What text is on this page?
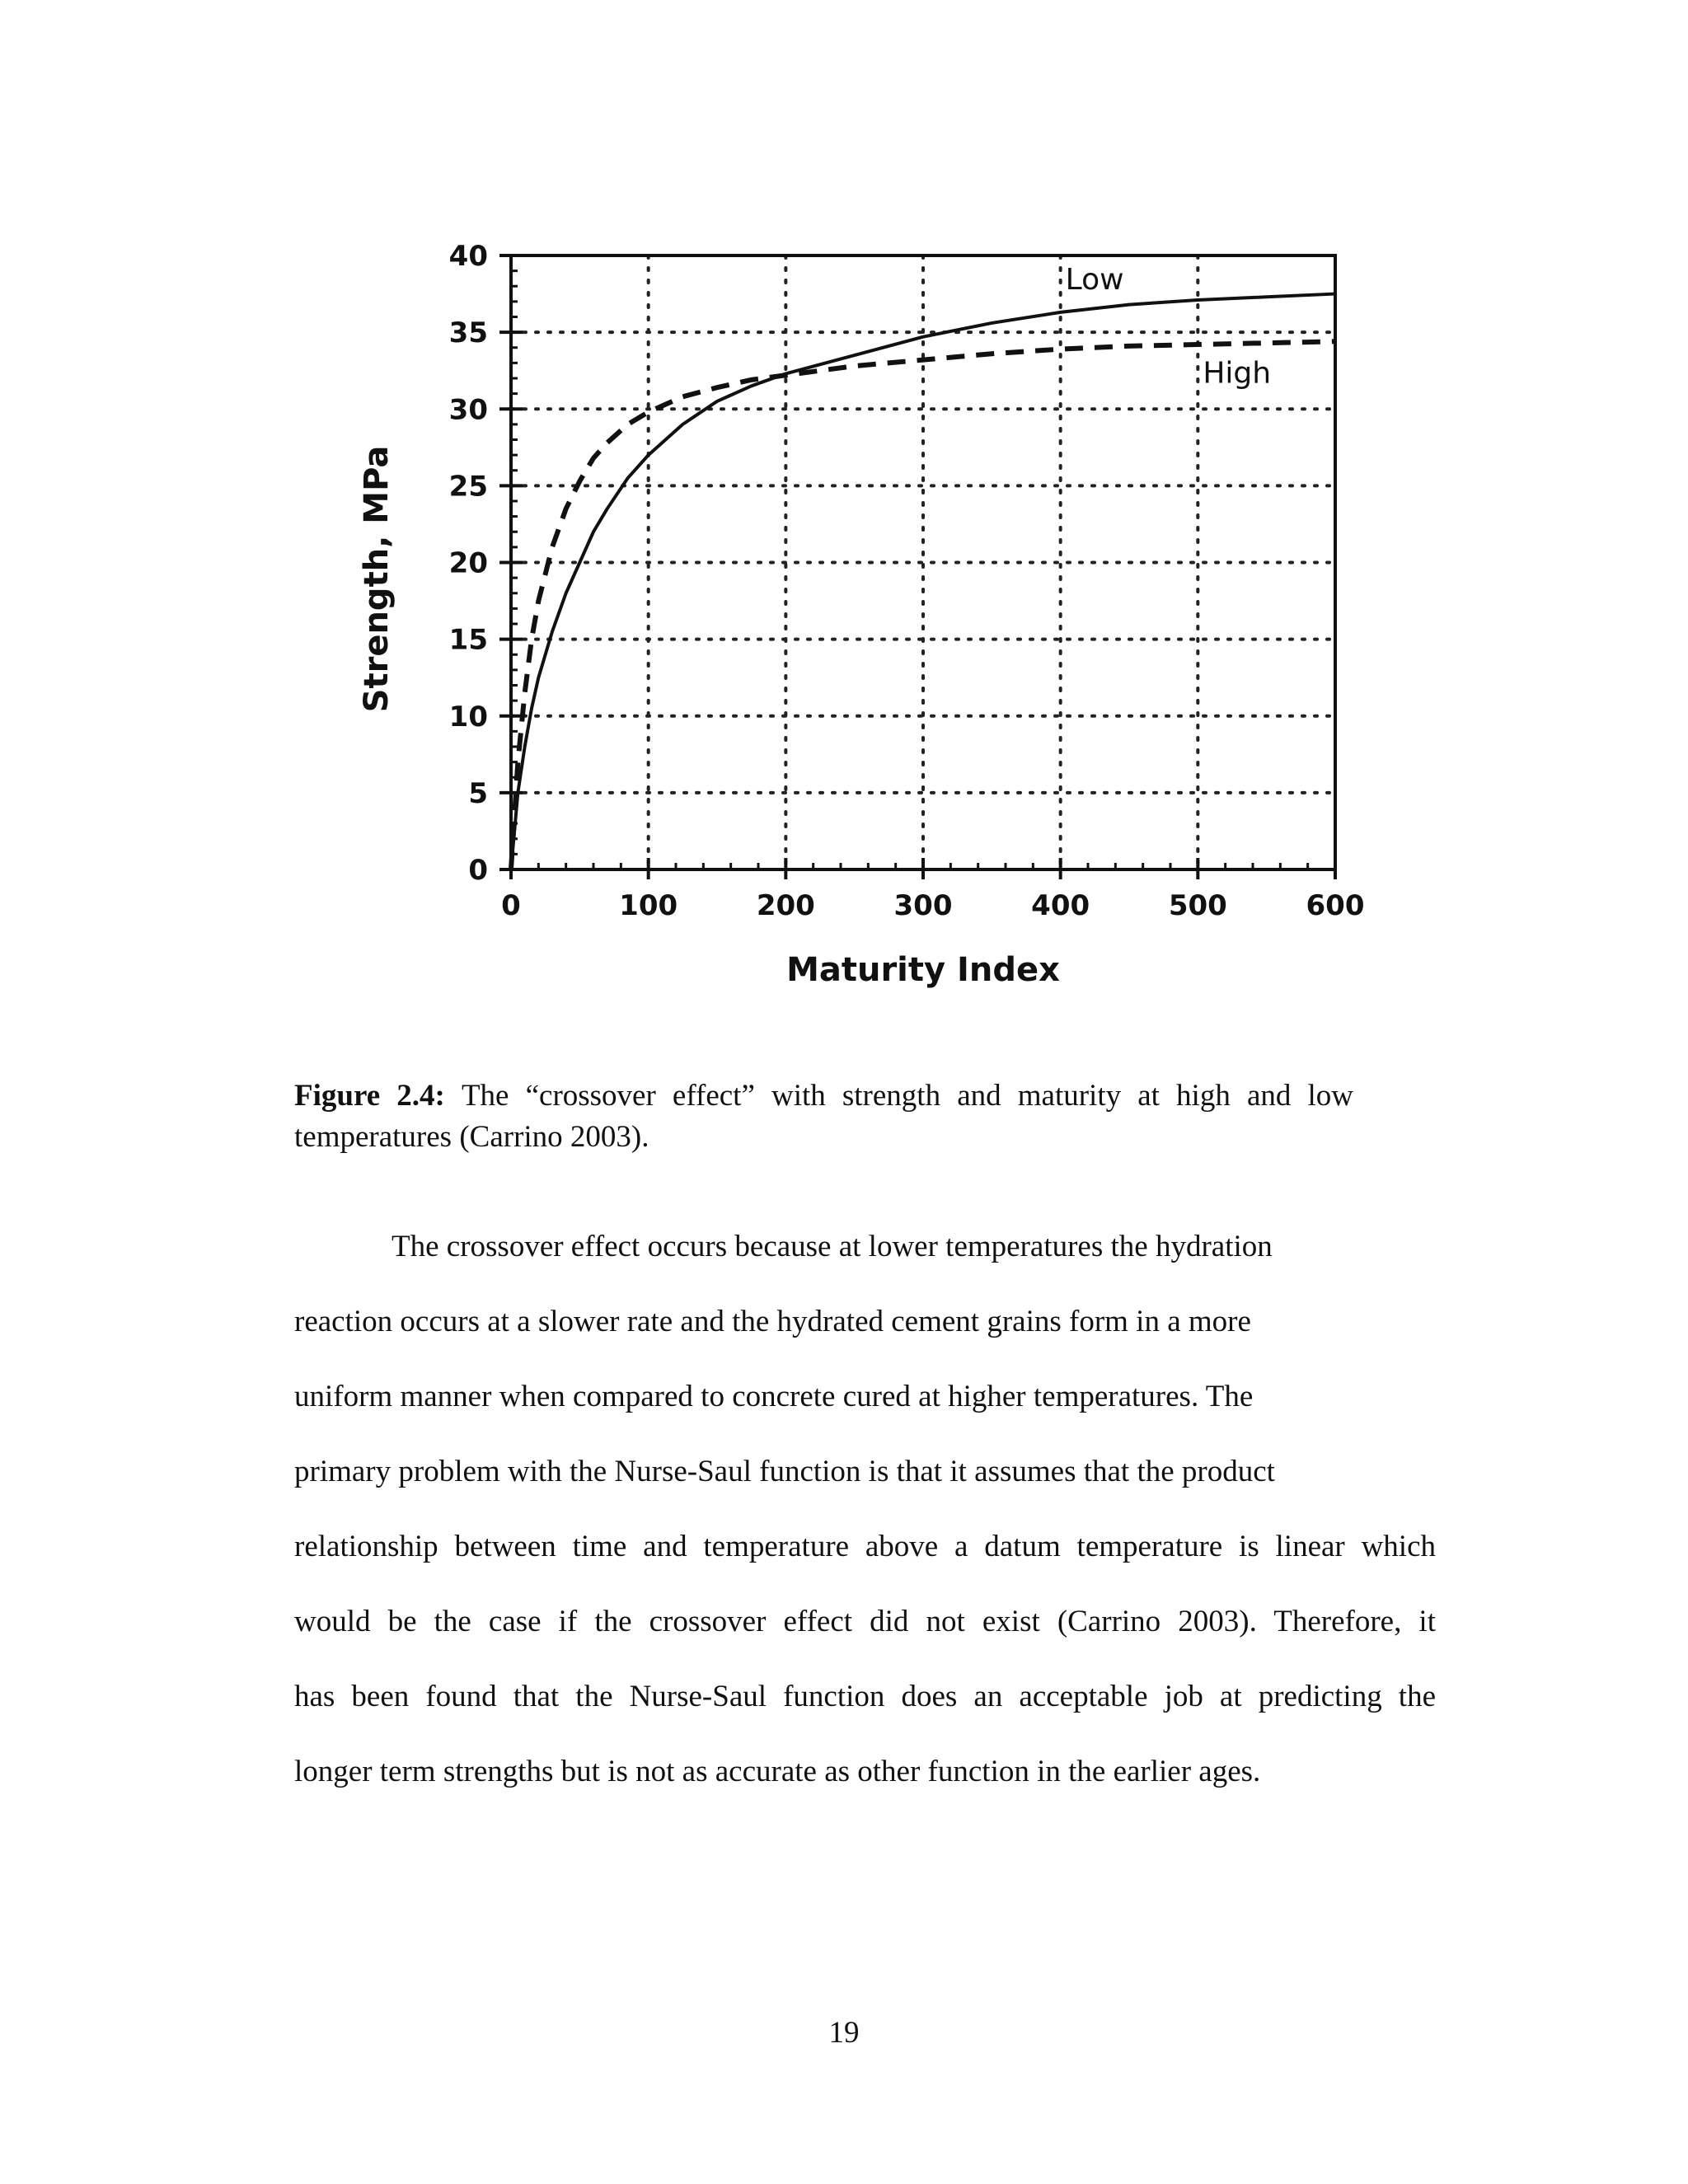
0	100	200	300	400	500	600
0
5
10
15
20
25
30
35
40
Low
High
Maturity Index
Strength, MPa
Figure 2.4: The “crossover effect” with strength and maturity at high and low temperatures (Carrino 2003).
The crossover effect occurs because at lower temperatures the hydration
reaction occurs at a slower rate and the hydrated cement grains form in a more
uniform manner when compared to concrete cured at higher temperatures. The
primary problem with the Nurse-Saul function is that it assumes that the product
relationship between time and temperature above a datum temperature is linear which
would be the case if the crossover effect did not exist (Carrino 2003). Therefore, it
has been found that the Nurse-Saul function does an acceptable job at predicting the
longer term strengths but is not as accurate as other function in the earlier ages.
19
